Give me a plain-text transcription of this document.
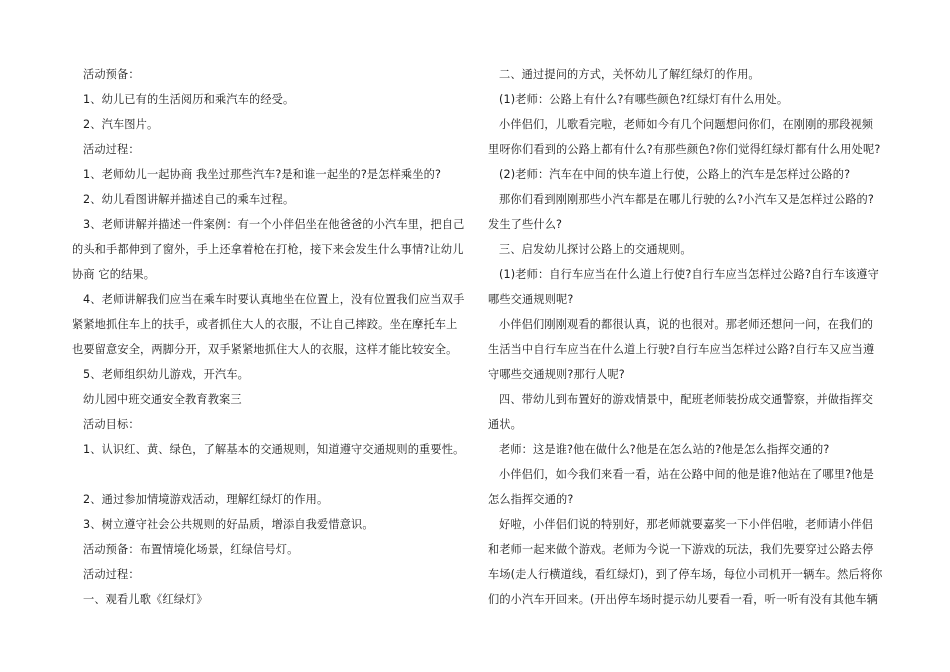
活动预备：
1、幼儿已有的生活阅历和乘汽车的经受。
2、汽车图片。
活动过程：
1、老师幼儿一起协商 我坐过那些汽车?是和谁一起坐的?是怎样乘坐的?
2、幼儿看图讲解并描述自己的乘车过程。
3、老师讲解并描述一件案例：有一个小伴侣坐在他爸爸的小汽车里，把自己
的头和手都伸到了窗外，手上还拿着枪在打枪，接下来会发生什么事情?让幼儿
协商 它的结果。
4、老师讲解我们应当在乘车时要认真地坐在位置上，没有位置我们应当双手
紧紧地抓住车上的扶手，或者抓住大人的衣服，不让自己摔跤。坐在摩托车上
也要留意安全，两脚分开，双手紧紧地抓住大人的衣服，这样才能比较安全。
5、老师组织幼儿游戏，开汽车。
幼儿园中班交通安全教育教案三
活动目标：
1、认识红、黄、绿色，了解基本的交通规则，知道遵守交通规则的重要性。
2、通过参加情境游戏活动，理解红绿灯的作用。
3、树立遵守社会公共规则的好品质，增添自我爱惜意识。
活动预备：布置情境化场景，红绿信号灯。
活动过程：
一、观看儿歌《红绿灯》
二、通过提问的方式，关怀幼儿了解红绿灯的作用。
(1)老师：公路上有什么?有哪些颜色?红绿灯有什么用处。
小伴侣们，儿歌看完啦，老师如今有几个问题想问你们，在刚刚的那段视频
里呀你们看到的公路上都有什么?有那些颜色?你们觉得红绿灯都有什么用处呢?
(2)老师：汽车在中间的快车道上行使，公路上的汽车是怎样过公路的?
那你们看到刚刚那些小汽车都是在哪儿行驶的么?小汽车又是怎样过公路的?
发生了些什么?
三、启发幼儿探讨公路上的交通规则。
(1)老师：自行车应当在什么道上行使?自行车应当怎样过公路?自行车该遵守
哪些交通规则呢?
小伴侣们刚刚观看的都很认真，说的也很对。那老师还想问一问，在我们的
生活当中自行车应当在什么道上行驶?自行车应当怎样过公路?自行车又应当遵
守哪些交通规则?那行人呢?
四、带幼儿到布置好的游戏情景中，配班老师装扮成交通警察，并做指挥交
通状。
老师：这是谁?他在做什么?他是在怎么站的?他是怎么指挥交通的?
小伴侣们，如今我们来看一看，站在公路中间的他是谁?他站在了哪里?他是
怎么指挥交通的?
好啦，小伴侣们说的特别好，那老师就要嘉奖一下小伴侣啦，老师请小伴侣
和老师一起来做个游戏。老师为今说一下游戏的玩法，我们先要穿过公路去停
车场(走人行横道线，看红绿灯)，到了停车场，每位小司机开一辆车。然后将你
们的小汽车开回来。(开出停车场时提示幼儿要看一看，听一听有没有其他车辆
